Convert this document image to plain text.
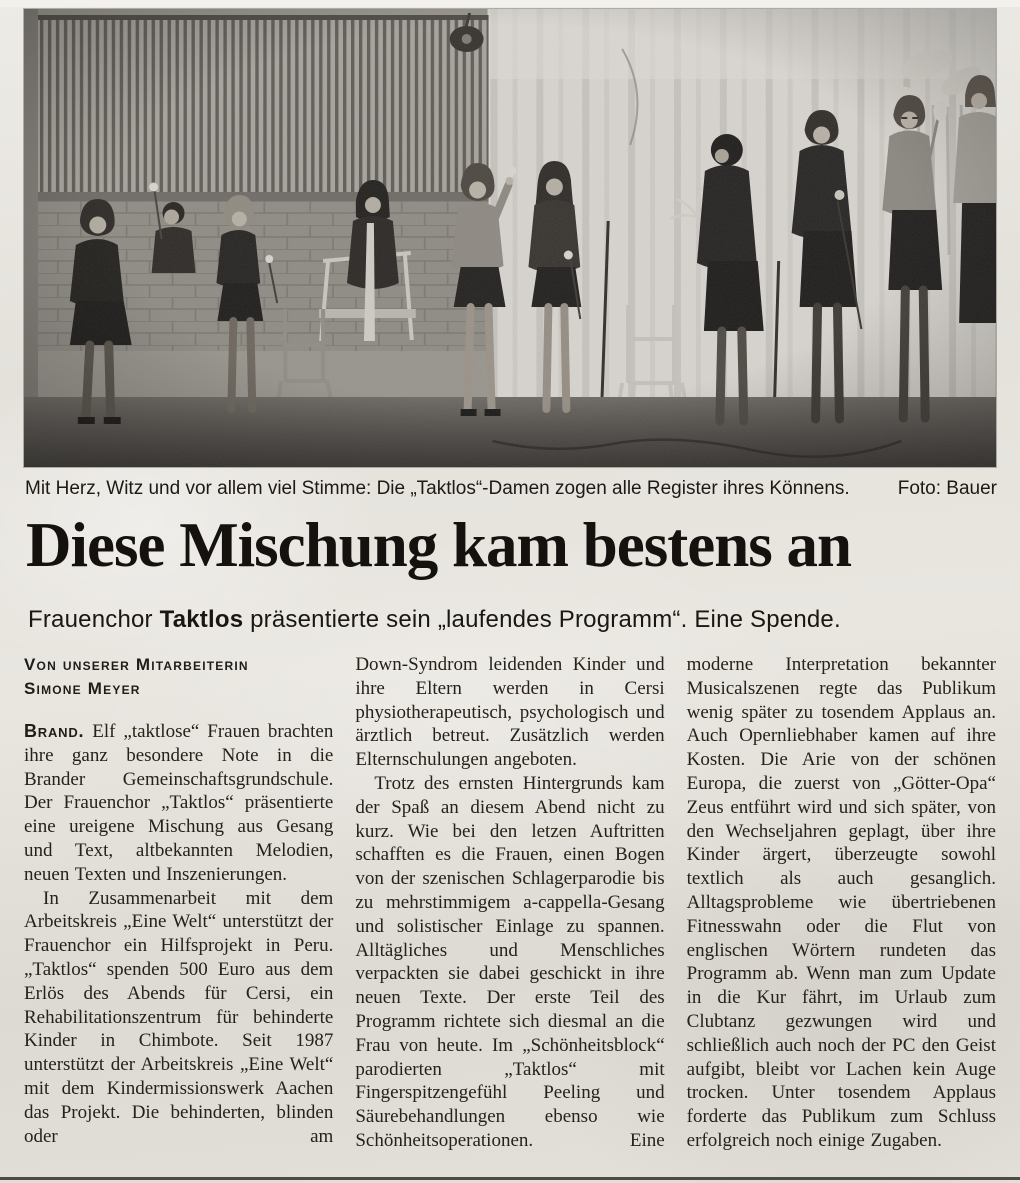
Mit Herz, Witz und vor allem viel Stimme: Die „Taktlos“-Damen zogen alle Register ihres Könnens.	Foto: Bauer
Diese Mischung kam bestens an
Frauenchor Taktlos präsentierte sein „laufendes Programm“. Eine Spende.

Von unserer Mitarbeiterin
Simone Meyer

Brand. Elf „taktlose“ Frauen brachten ihre ganz besondere Note in die Brander Gemeinschaftsgrundschule. Der Frauenchor „Taktlos“ präsentierte eine ureigene Mischung aus Gesang und Text, altbekannten Melodien, neuen Texten und Inszenierungen.

In Zusammenarbeit mit dem Arbeitskreis „Eine Welt“ unterstützt der Frauenchor ein Hilfsprojekt in Peru. „Taktlos“ spenden 500 Euro aus dem Erlös des Abends für Cersi, ein Rehabilitationszentrum für behinderte Kinder in Chimbote. Seit 1987 unterstützt der Arbeitskreis „Eine Welt“ mit dem Kindermissionswerk Aachen das Projekt. Die behinderten, blinden oder am

Down-Syndrom leidenden Kinder und ihre Eltern werden in Cersi physiotherapeutisch, psychologisch und ärztlich betreut. Zusätzlich werden Elternschulungen angeboten.

Trotz des ernsten Hintergrunds kam der Spaß an diesem Abend nicht zu kurz. Wie bei den letzen Auftritten schafften es die Frauen, einen Bogen von der szenischen Schlagerparodie bis zu mehrstimmigem a-cappella-Gesang und solistischer Einlage zu spannen. Alltägliches und Menschliches verpackten sie dabei geschickt in ihre neuen Texte. Der erste Teil des Programm richtete sich diesmal an die Frau von heute. Im „Schönheitsblock“ parodierten „Taktlos“ mit Fingerspitzengefühl Peeling und Säurebehandlungen ebenso wie Schönheitsoperationen. Eine

moderne Interpretation bekannter Musicalszenen regte das Publikum wenig später zu tosendem Applaus an. Auch Opernliebhaber kamen auf ihre Kosten. Die Arie von der schönen Europa, die zuerst von „Götter-Opa“ Zeus entführt wird und sich später, von den Wechseljahren geplagt, über ihre Kinder ärgert, überzeugte sowohl textlich als auch gesanglich. Alltagsprobleme wie übertriebenen Fitnesswahn oder die Flut von englischen Wörtern rundeten das Programm ab. Wenn man zum Update in die Kur fährt, im Urlaub zum Clubtanz gezwungen wird und schließlich auch noch der PC den Geist aufgibt, bleibt vor Lachen kein Auge trocken. Unter tosendem Applaus forderte das Publikum zum Schluss erfolgreich noch einige Zugaben.
